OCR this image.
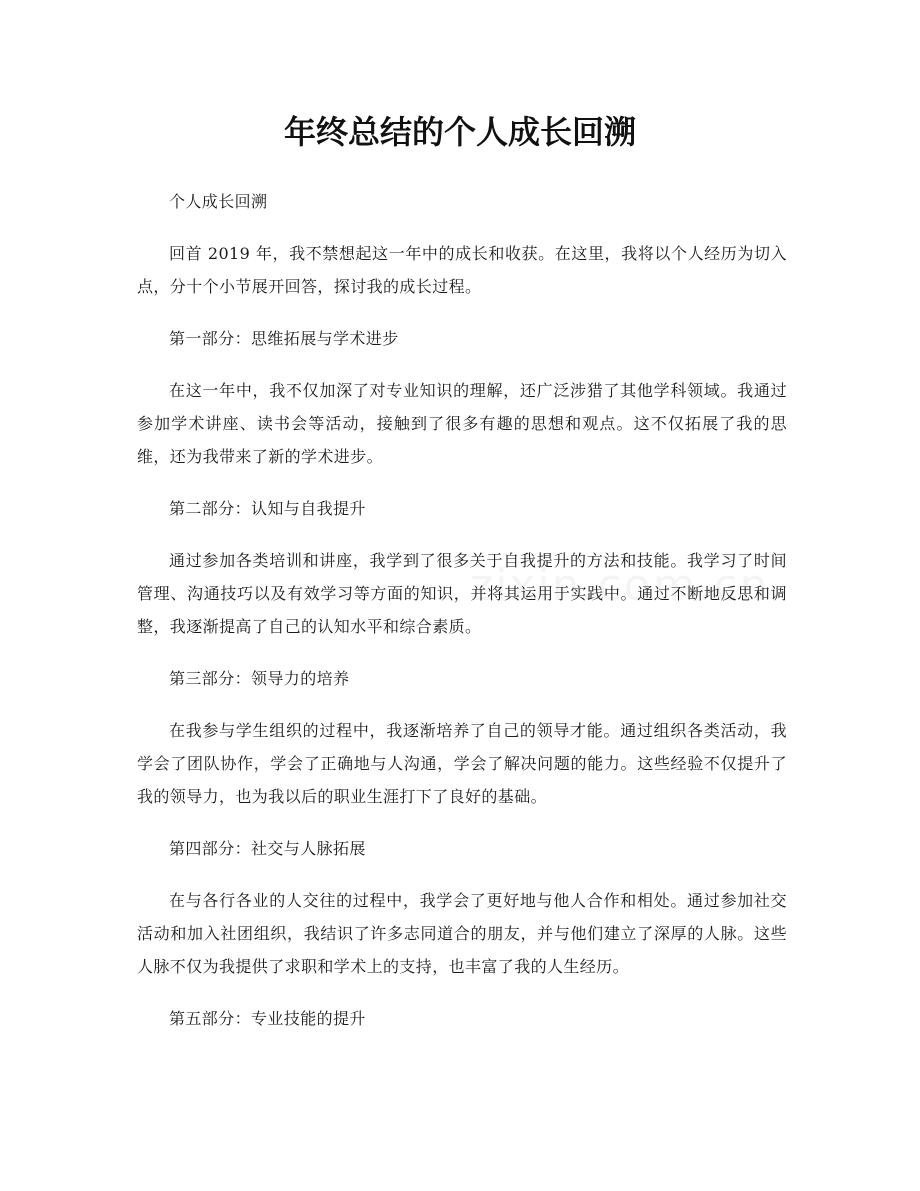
年终总结的个人成长回溯

个人成长回溯

回首 2019 年，我不禁想起这一年中的成长和收获。在这里，我将以个人经历为切入点，分十个小节展开回答，探讨我的成长过程。

第一部分：思维拓展与学术进步

在这一年中，我不仅加深了对专业知识的理解，还广泛涉猎了其他学科领域。我通过参加学术讲座、读书会等活动，接触到了很多有趣的思想和观点。这不仅拓展了我的思维，还为我带来了新的学术进步。

第二部分：认知与自我提升

通过参加各类培训和讲座，我学到了很多关于自我提升的方法和技能。我学习了时间管理、沟通技巧以及有效学习等方面的知识，并将其运用于实践中。通过不断地反思和调整，我逐渐提高了自己的认知水平和综合素质。

第三部分：领导力的培养

在我参与学生组织的过程中，我逐渐培养了自己的领导才能。通过组织各类活动，我学会了团队协作，学会了正确地与人沟通，学会了解决问题的能力。这些经验不仅提升了我的领导力，也为我以后的职业生涯打下了良好的基础。

第四部分：社交与人脉拓展

在与各行各业的人交往的过程中，我学会了更好地与他人合作和相处。通过参加社交活动和加入社团组织，我结识了许多志同道合的朋友，并与他们建立了深厚的人脉。这些人脉不仅为我提供了求职和学术上的支持，也丰富了我的人生经历。

第五部分：专业技能的提升
